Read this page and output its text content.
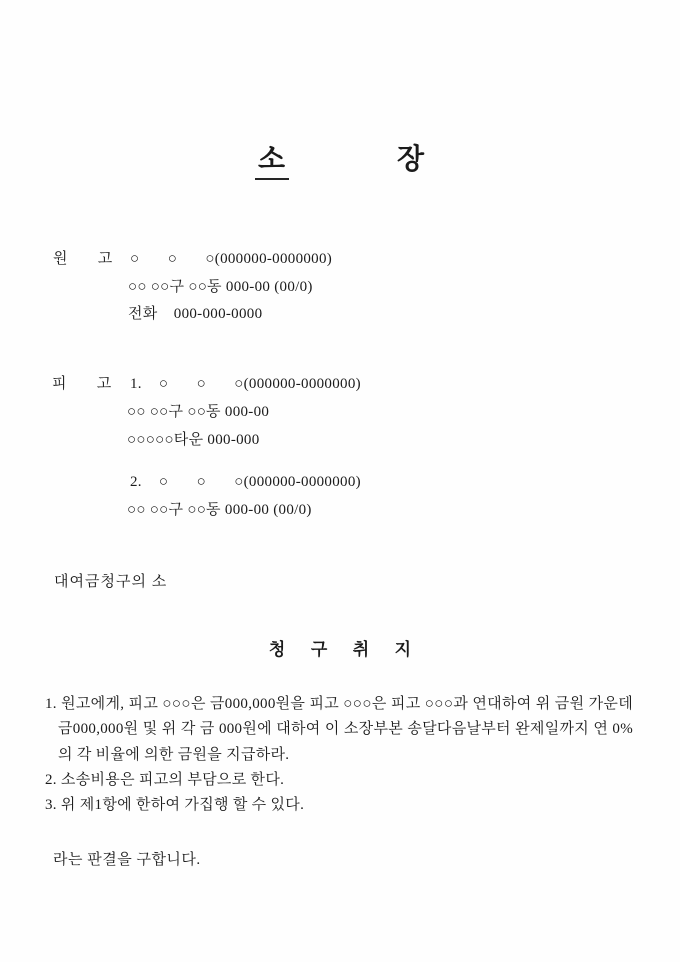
소	장
원       고 ○       ○       ○(000000-0000000)
○○ ○○구 ○○동 000-00 (00/0)
전화    000-000-0000
피       고 1. ○       ○       ○(000000-0000000)
○○ ○○구 ○○동 000-00
○○○○○타운 000-000
2. ○       ○       ○(000000-0000000)
○○ ○○구 ○○동 000-00 (00/0)
대여금청구의 소
청      구      취      지
1. 원고에게, 피고 ○○○은 금000,000원을 피고 ○○○은 피고 ○○○과 연대하여 위 금원 가운데 금000,000원 및 위 각 금 000원에 대하여 이 소장부본 송달다음날부터 완제일까지 연 0%의 각 비율에 의한 금원을 지급하라.
2. 소송비용은 피고의 부담으로 한다.
3. 위 제1항에 한하여 가집행 할 수 있다.
라는 판결을 구합니다.
